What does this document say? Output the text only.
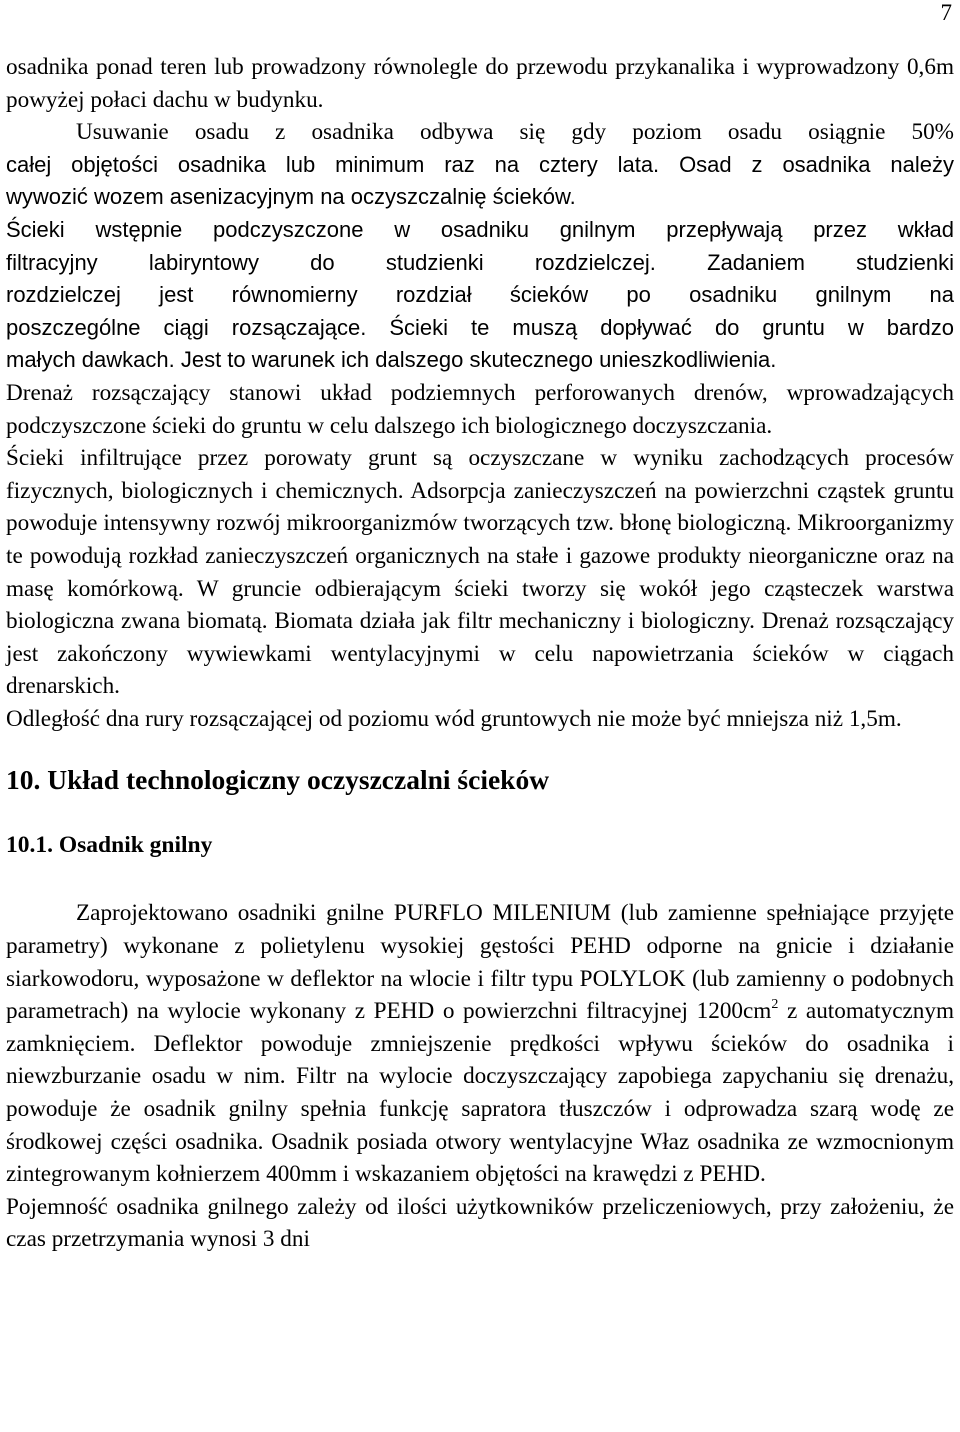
7

osadnika ponad teren lub prowadzony równolegle do przewodu przykanalika i wyprowadzony 0,6m powyżej połaci dachu w budynku.

Usuwanie osadu z osadnika odbywa się gdy poziom osadu osiągnie 50%

całej objętości osadnika lub minimum raz na cztery lata. Osad z osadnika należy

wywozić wozem asenizacyjnym na oczyszczalnię ścieków.

Ścieki wstępnie podczyszczone w osadniku gnilnym przepływają przez wkład

filtracyjny labiryntowy do studzienki rozdzielczej. Zadaniem studzienki

rozdzielczej jest równomierny rozdział ścieków po osadniku gnilnym na

poszczególne ciągi rozsączające. Ścieki te muszą dopływać do gruntu w bardzo

małych dawkach. Jest to warunek ich dalszego skutecznego unieszkodliwienia.

Drenaż rozsączający stanowi układ podziemnych perforowanych drenów, wprowadzających podczyszczone ścieki do gruntu w celu dalszego ich biologicznego doczyszczania.

Ścieki infiltrujące przez porowaty grunt są oczyszczane w wyniku zachodzących procesów fizycznych, biologicznych i chemicznych. Adsorpcja zanieczyszczeń na powierzchni cząstek gruntu powoduje intensywny rozwój mikroorganizmów tworzących tzw. błonę biologiczną. Mikroorganizmy te powodują rozkład zanieczyszczeń organicznych na stałe i gazowe produkty nieorganiczne oraz na masę komórkową. W gruncie odbierającym ścieki tworzy się wokół jego cząsteczek warstwa biologiczna zwana biomatą. Biomata działa jak filtr mechaniczny i biologiczny. Drenaż rozsączający jest zakończony wywiewkami wentylacyjnymi w celu napowietrzania ścieków w ciągach drenarskich.

Odległość dna rury rozsączającej od poziomu wód gruntowych nie może być mniejsza niż 1,5m.

10. Układ technologiczny oczyszczalni ścieków
10.1. Osadnik gnilny

Zaprojektowano osadniki gnilne PURFLO MILENIUM (lub zamienne spełniające przyjęte parametry) wykonane z polietylenu wysokiej gęstości PEHD odporne na gnicie i działanie siarkowodoru, wyposażone w deflektor na wlocie i filtr typu POLYLOK (lub zamienny o podobnych parametrach) na wylocie wykonany z PEHD o powierzchni filtracyjnej $1200cm^2$ z automatycznym zamknięciem. Deflektor powoduje zmniejszenie prędkości wpływu ścieków do osadnika i niewzburzanie osadu w nim. Filtr na wylocie doczyszczający zapobiega zapychaniu się drenażu, powoduje że osadnik gnilny spełnia funkcję sapratora tłuszczów i odprowadza szarą wodę ze środkowej części osadnika. Osadnik posiada otwory wentylacyjne Właz osadnika ze wzmocnionym zintegrowanym kołnierzem 400mm i wskazaniem objętości na krawędzi z PEHD.

Pojemność osadnika gnilnego zależy od ilości użytkowników przeliczeniowych, przy założeniu, że czas przetrzymania wynosi 3 dni
